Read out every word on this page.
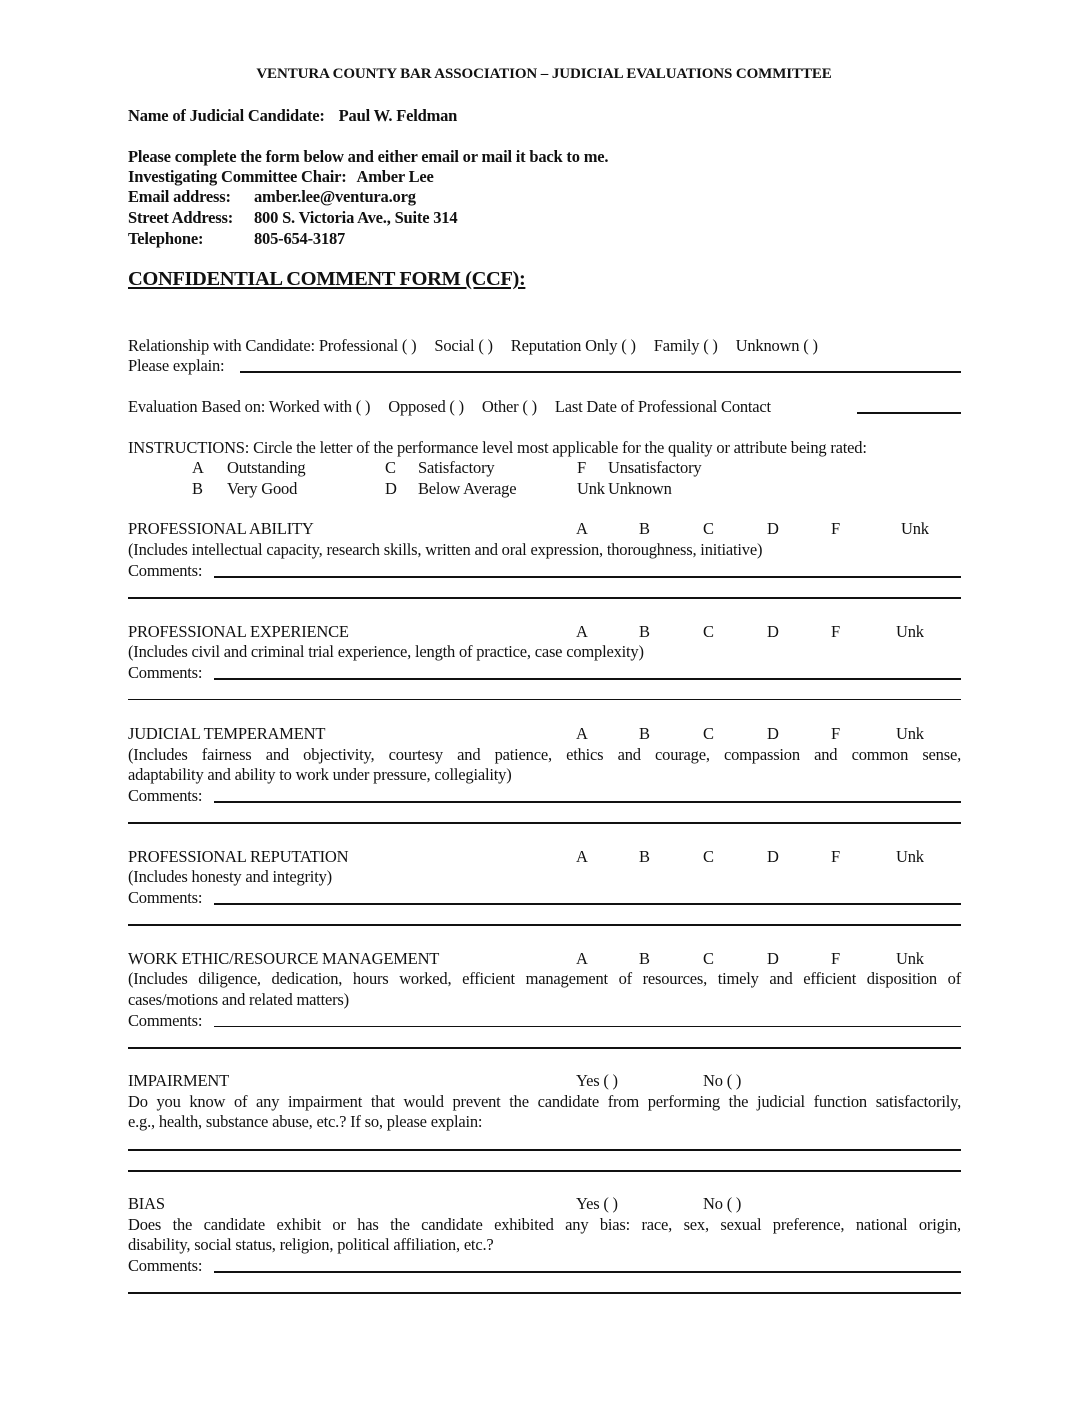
VENTURA COUNTY BAR ASSOCIATION – JUDICIAL EVALUATIONS COMMITTEE
Name of Judicial Candidate: Paul W. Feldman
Please complete the form below and either email or mail it back to me.
Investigating Committee Chair: Amber Lee
Email address: amber.lee@ventura.org
Street Address: 800 S. Victoria Ave., Suite 314
Telephone:	805-654-3187
CONFIDENTIAL COMMENT FORM (CCF):
Relationship with Candidate: Professional ( ) Social ( ) Reputation Only ( ) Family ( ) Unknown ( )
Please explain:
Evaluation Based on: Worked with ( ) Opposed ( ) Other ( ) Last Date of Professional Contact
INSTRUCTIONS: Circle the letter of the performance level most applicable for the quality or attribute being rated:
A Outstanding	C Satisfactory	F Unsatisfactory
B Very Good	D Below Average	Unk Unknown
PROFESSIONAL ABILITY	A	B	C	D	F	Unk
(Includes intellectual capacity, research skills, written and oral expression, thoroughness, initiative)
Comments:
PROFESSIONAL EXPERIENCE	A	B	C	D	F	Unk
(Includes civil and criminal trial experience, length of practice, case complexity)
Comments:
JUDICIAL TEMPERAMENT	A	B	C	D	F	Unk
(Includes fairness and objectivity, courtesy and patience, ethics and courage, compassion and common sense,
adaptability and ability to work under pressure, collegiality)
Comments:
PROFESSIONAL REPUTATION	A	B	C	D	F	Unk
(Includes honesty and integrity)
Comments:
WORK ETHIC/RESOURCE MANAGEMENT	A	B	C	D	F	Unk
(Includes diligence, dedication, hours worked, efficient management of resources, timely and efficient disposition of
cases/motions and related matters)
Comments:
IMPAIRMENT	Yes ( )	No ( )
Do you know of any impairment that would prevent the candidate from performing the judicial function satisfactorily,
e.g., health, substance abuse, etc.? If so, please explain:
BIAS	Yes ( )	No ( )
Does the candidate exhibit or has the candidate exhibited any bias: race, sex, sexual preference, national origin,
disability, social status, religion, political affiliation, etc.?
Comments:
